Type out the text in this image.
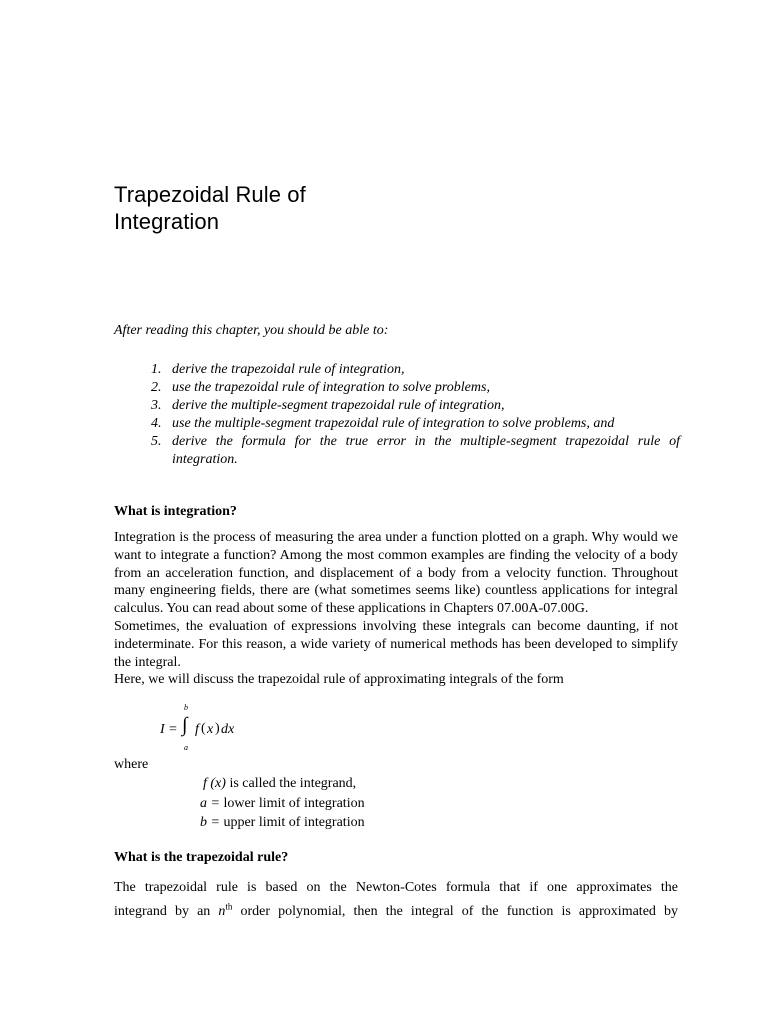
Trapezoidal Rule of
Integration
After reading this chapter, you should be able to:
1. derive the trapezoidal rule of integration,
2. use the trapezoidal rule of integration to solve problems,
3. derive the multiple-segment trapezoidal rule of integration,
4. use the multiple-segment trapezoidal rule of integration to solve problems, and
5. derive the formula for the true error in the multiple-segment trapezoidal rule of integration.
What is integration?

Integration is the process of measuring the area under a function plotted on a graph. Why would we want to integrate a function? Among the most common examples are finding the velocity of a body from an acceleration function, and displacement of a body from a velocity function. Throughout many engineering fields, there are (what sometimes seems like) countless applications for integral calculus. You can read about some of these applications in Chapters 07.00A-07.00G.

Sometimes, the evaluation of expressions involving these integrals can become daunting, if not indeterminate. For this reason, a wide variety of numerical methods has been developed to simplify the integral.

Here, we will discuss the trapezoidal rule of approximating integrals of the form

I =
b
∫
a
f ( x ) dx
where
f (x) is called the integrand,
a = lower limit of integration
b = upper limit of integration
What is the trapezoidal rule?
The trapezoidal rule is based on the Newton-Cotes formula that if one approximates the
integrand by an $n^{th}$ order polynomial, then the integral of the function is approximated by
